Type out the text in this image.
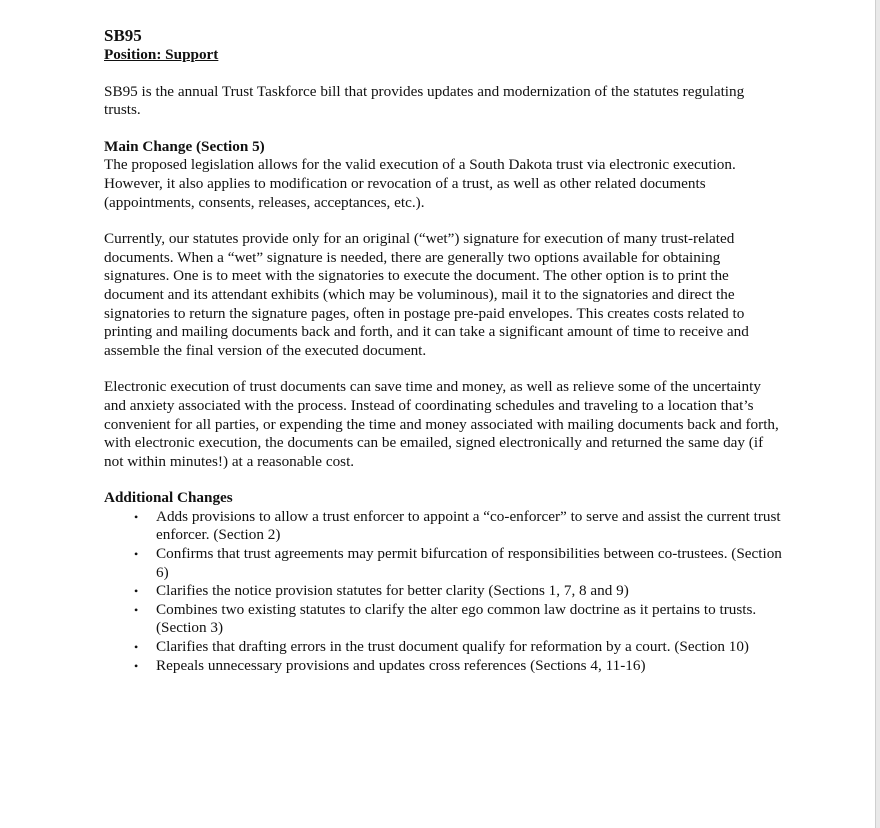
SB95

Position: Support

SB95 is the annual Trust Taskforce bill that provides updates and modernization of the statutes regulating trusts.

Main Change (Section 5)

The proposed legislation allows for the valid execution of a South Dakota trust via electronic execution. However, it also applies to modification or revocation of a trust, as well as other related documents (appointments, consents, releases, acceptances, etc.).

Currently, our statutes provide only for an original (“wet”) signature for execution of many trust-related documents. When a “wet” signature is needed, there are generally two options available for obtaining signatures. One is to meet with the signatories to execute the document. The other option is to print the document and its attendant exhibits (which may be voluminous), mail it to the signatories and direct the signatories to return the signature pages, often in postage pre-paid envelopes. This creates costs related to printing and mailing documents back and forth, and it can take a significant amount of time to receive and assemble the final version of the executed document.

Electronic execution of trust documents can save time and money, as well as relieve some of the uncertainty and anxiety associated with the process. Instead of coordinating schedules and traveling to a location that’s convenient for all parties, or expending the time and money associated with mailing documents back and forth, with electronic execution, the documents can be emailed, signed electronically and returned the same day (if not within minutes!) at a reasonable cost.

Additional Changes

• Adds provisions to allow a trust enforcer to appoint a “co-enforcer” to serve and assist the current trust enforcer. (Section 2)
• Confirms that trust agreements may permit bifurcation of responsibilities between co-trustees. (Section 6)
• Clarifies the notice provision statutes for better clarity (Sections 1, 7, 8 and 9)
• Combines two existing statutes to clarify the alter ego common law doctrine as it pertains to trusts. (Section 3)
• Clarifies that drafting errors in the trust document qualify for reformation by a court. (Section 10)
• Repeals unnecessary provisions and updates cross references (Sections 4, 11-16)
